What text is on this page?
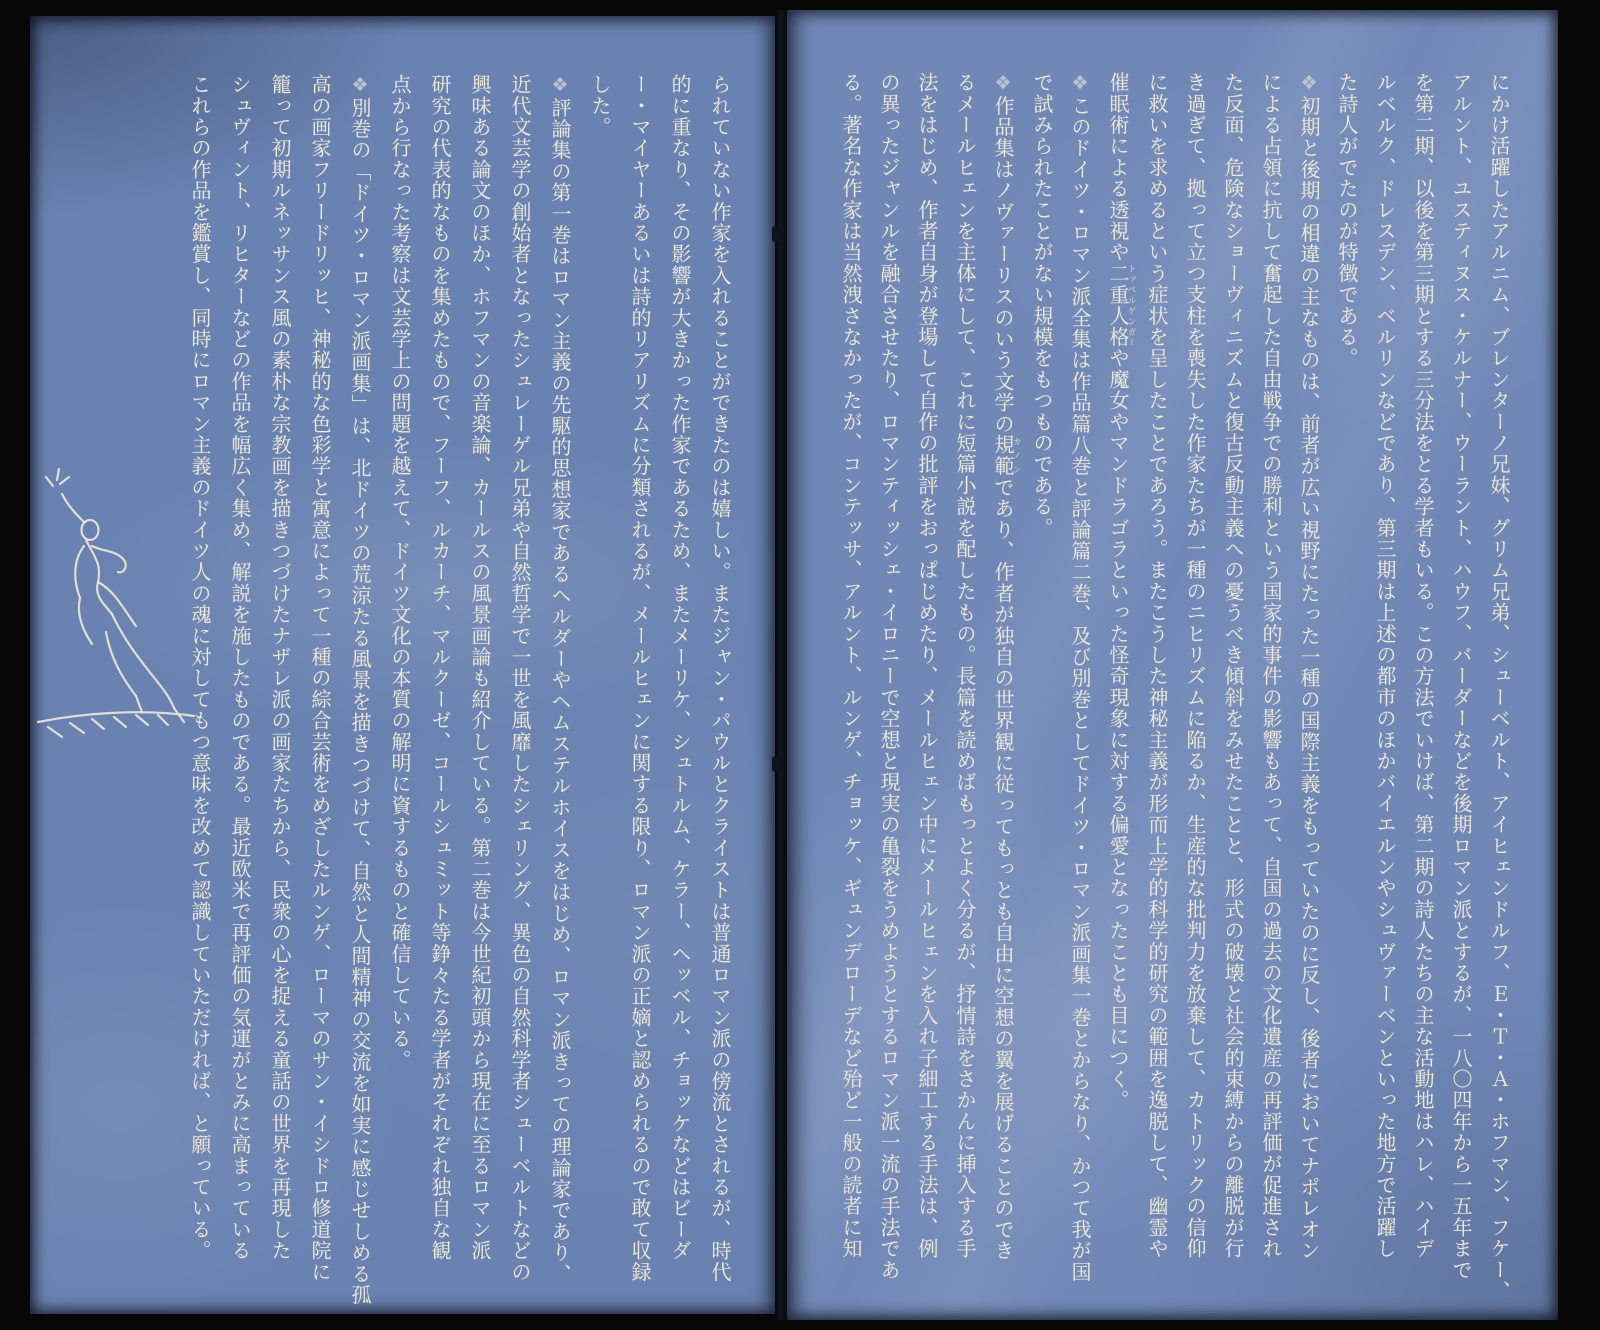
られていない作家を入れることができたのは嬉しい。またジャン・パウルとクライストは普通ロマン派の傍流とされるが、時代
的に重なり、その影響が大きかった作家であるため、またメーリケ、シュトルム、ケラー、ヘッベル、チョッケなどはビーダ
ー・マイヤーあるいは詩的リアリズムに分類されるが、メールヒェンに関する限り、ロマン派の正嫡と認められるので敢て収録
した。
❖評論集の第一巻はロマン主義の先駆的思想家であるヘルダーやヘムステルホイスをはじめ、ロマン派きっての理論家であり、
近代文芸学の創始者となったシュレーゲル兄弟や自然哲学で一世を風靡したシェリング、異色の自然科学者シューベルトなどの
興味ある論文のほか、ホフマンの音楽論、カールスの風景画論も紹介している。第二巻は今世紀初頭から現在に至るロマン派
研究の代表的なものを集めたもので、フーフ、ルカーチ、マルクーゼ、コールシュミット等錚々たる学者がそれぞれ独自な観
点から行なった考察は文芸学上の問題を越えて、ドイツ文化の本質の解明に資するものと確信している。
❖別巻の「ドイツ・ロマン派画集」は、北ドイツの荒涼たる風景を描きつづけて、自然と人間精神の交流を如実に感じせしめる孤
高の画家フリードリッヒ、神秘的な色彩学と寓意によって一種の綜合芸術をめざしたルンゲ、ローマのサン・イシドロ修道院に
籠って初期ルネッサンス風の素朴な宗教画を描きつづけたナザレ派の画家たちから、民衆の心を捉える童話の世界を再現した
シュヴィント、リヒターなどの作品を幅広く集め、解説を施したものである。最近欧米で再評価の気運がとみに高まっている
これらの作品を鑑賞し、同時にロマン主義のドイツ人の魂に対してもつ意味を改めて認識していただければ、と願っている。	にかけ活躍したアルニム、ブレンターノ兄妹、グリム兄弟、シューベルト、アイヒェンドルフ、Ｅ・Ｔ・Ａ・ホフマン、フケー、
アルント、ユスティヌス・ケルナー、ウーラント、ハウフ、バーダーなどを後期ロマン派とするが、一八〇四年から一五年まで
を第二期、以後を第三期とする三分法をとる学者もいる。この方法でいけば、第二期の詩人たちの主な活動地はハレ、ハイデ
ルベルク、ドレスデン、ベルリンなどであり、第三期は上述の都市のほかバイエルンやシュヴァーベンといった地方で活躍し
た詩人がでたのが特徴である。
❖初期と後期の相違の主なものは、前者が広い視野にたった一種の国際主義をもっていたのに反し、後者においてナポレオン
による占領に抗して奮起した自由戦争での勝利という国家的事件の影響もあって、自国の過去の文化遺産の再評価が促進され
た反面、危険なショーヴィニズムと復古反動主義への憂うべき傾斜をみせたことと、形式の破壊と社会的束縛からの離脱が行
き過ぎて、拠って立つ支柱を喪失した作家たちが一種のニヒリズムに陥るか、生産的な批判力を放棄して、カトリックの信仰
に救いを求めるという症状を呈したことであろう。またこうした神秘主義が形而上学的科学的研究の範囲を逸脱して、幽霊や
催眠術による透視や二重人格 トッペルゲンガーや魔女やマンドラゴラといった怪奇現象に対する偏愛となったことも目につく。
❖このドイツ・ロマン派全集は作品篇八巻と評論篇二巻、及び別巻としてドイツ・ロマン派画集一巻とからなり、かつて我が国
で試みられたことがない規模をもつものである。
❖作品集はノヴァーリスのいう文学の規範 カノンであり、作者が独自の世界観に従ってもっとも自由に空想の翼を展げることのでき
るメールヒェンを主体にして、これに短篇小説を配したもの。長篇を読めばもっとよく分るが、抒情詩をさかんに挿入する手
法をはじめ、作者自身が登場して自作の批評をおっぱじめたり、メールヒェン中にメールヒェンを入れ子細工する手法は、例
の異ったジャンルを融合させたり、ロマンティッシェ・イロニーで空想と現実の亀裂をうめようとするロマン派一流の手法であ
る。著名な作家は当然洩さなかったが、コンテッサ、アルント、ルンゲ、チョッケ、ギュンデローデなど殆ど一般の読者に知
